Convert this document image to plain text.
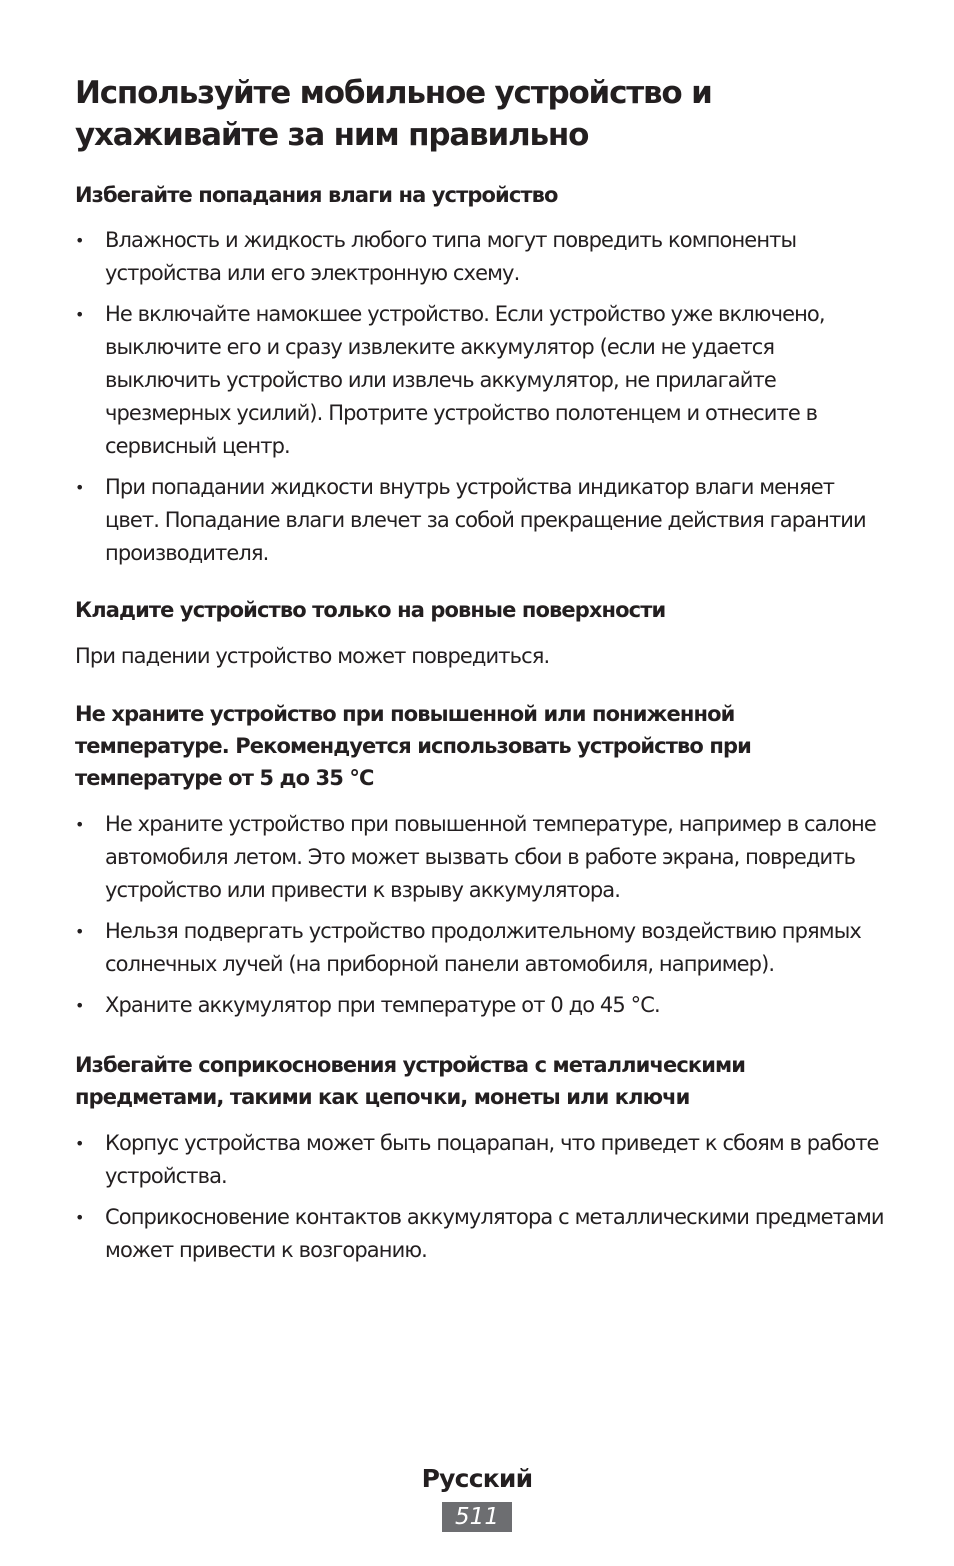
Используйте мобильное устройство и ухаживайте за ним правильно
Избегайте попадания влаги на устройство
• Влажность и жидкость любого типа могут повредить компоненты устройства или его электронную схему.
• Не включайте намокшее устройство. Если устройство уже включено, выключите его и сразу извлеките аккумулятор (если не удается выключить устройство или извлечь аккумулятор, не прилагайте чрезмерных усилий). Протрите устройство полотенцем и отнесите в сервисный центр.
• При попадании жидкости внутрь устройства индикатор влаги меняет цвет. Попадание влаги влечет за собой прекращение действия гарантии производителя.
Кладите устройство только на ровные поверхности

При падении устройство может повредиться.

Не храните устройство при повышенной или пониженной температуре. Рекомендуется использовать устройство при температуре от 5 до 35 °C
• Не храните устройство при повышенной температуре, например в салоне автомобиля летом. Это может вызвать сбои в работе экрана, повредить устройство или привести к взрыву аккумулятора.
• Нельзя подвергать устройство продолжительному воздействию прямых солнечных лучей (на приборной панели автомобиля, например).
• Храните аккумулятор при температуре от 0 до 45 °C.
Избегайте соприкосновения устройства с металлическими предметами, такими как цепочки, монеты или ключи
• Корпус устройства может быть поцарапан, что приведет к сбоям в работе устройства.
• Соприкосновение контактов аккумулятора с металлическими предметами может привести к возгоранию.
Русский
511
